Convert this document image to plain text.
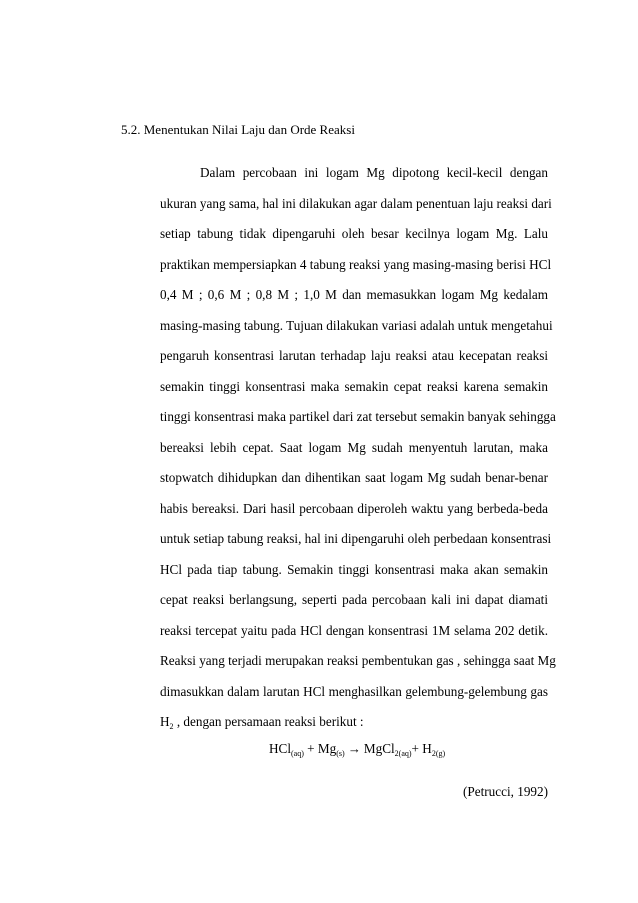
5.2. Menentukan Nilai Laju dan Orde Reaksi
Dalam percobaan ini logam Mg dipotong kecil-kecil dengan
ukuran yang sama, hal ini dilakukan agar dalam penentuan laju reaksi dari
setiap tabung tidak dipengaruhi oleh besar kecilnya logam Mg. Lalu
praktikan mempersiapkan 4 tabung reaksi yang masing-masing berisi HCl
0,4 M ; 0,6 M ; 0,8 M ; 1,0 M dan memasukkan logam Mg kedalam
masing-masing tabung. Tujuan dilakukan variasi adalah untuk mengetahui
pengaruh konsentrasi larutan terhadap laju reaksi atau kecepatan reaksi
semakin tinggi konsentrasi maka semakin cepat reaksi karena semakin
tinggi konsentrasi maka partikel dari zat tersebut semakin banyak sehingga
bereaksi lebih cepat. Saat logam Mg sudah menyentuh larutan, maka
stopwatch dihidupkan dan dihentikan saat logam Mg sudah benar-benar
habis bereaksi. Dari hasil percobaan diperoleh waktu yang berbeda-beda
untuk setiap tabung reaksi, hal ini dipengaruhi oleh perbedaan konsentrasi
HCl pada tiap tabung. Semakin tinggi konsentrasi maka akan semakin
cepat reaksi berlangsung, seperti pada percobaan kali ini dapat diamati
reaksi tercepat yaitu pada HCl dengan konsentrasi 1M selama 202 detik.
Reaksi yang terjadi merupakan reaksi pembentukan gas , sehingga saat Mg
dimasukkan dalam larutan HCl menghasilkan gelembung-gelembung gas
$H_2$ , dengan persamaan reaksi berikut :
$HCl_{(aq)} + Mg_{(s)}$ → MgCl$_{2(aq)}$+ $H_{2(g)}$
(Petrucci, 1992)
